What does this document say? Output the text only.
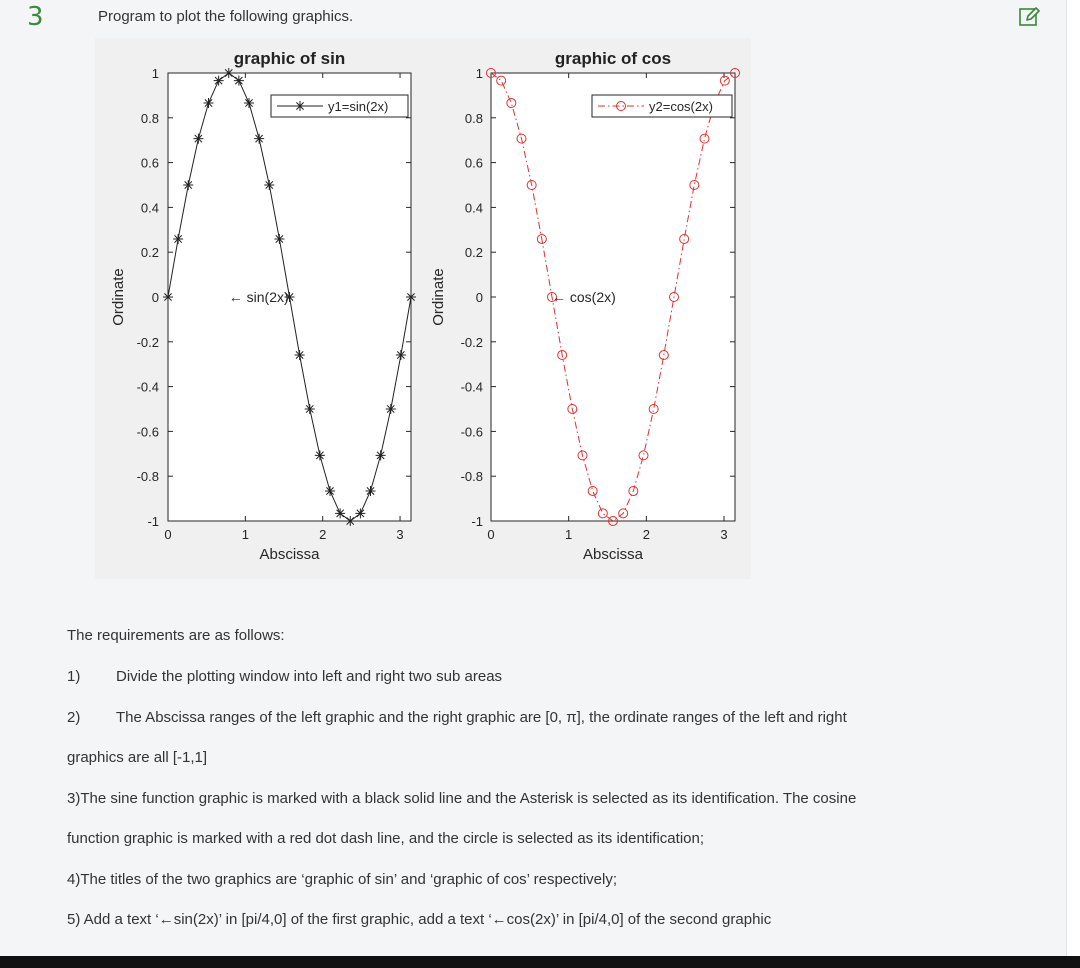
3	Program to plot the following graphics.
graphic of sin
0	1	2	3
-1
-0.8
-0.6
-0.4
-0.2
0
0.2
0.4
0.6
0.8
1
Abscissa
Ordinate
y1=sin(2x)
← sin(2x)
graphic of cos
0	1	2	3
-1
-0.8
-0.6
-0.4
-0.2
0
0.2
0.4
0.6
0.8
1
Abscissa
Ordinate
y2=cos(2x)
← cos(2x)
The requirements are as follows:
1) Divide the plotting window into left and right two sub areas
2) The Abscissa ranges of the left graphic and the right graphic are [0, π], the ordinate ranges of the left and right
graphics are all [-1,1]
3)The sine function graphic is marked with a black solid line and the Asterisk is selected as its identification. The cosine
function graphic is marked with a red dot dash line, and the circle is selected as its identification;
4)The titles of the two graphics are ‘graphic of sin’ and ‘graphic of cos’ respectively;
5) Add a text ‘←sin(2x)’ in [pi/4,0] of the first graphic, add a text ‘←cos(2x)’ in [pi/4,0] of the second graphic
